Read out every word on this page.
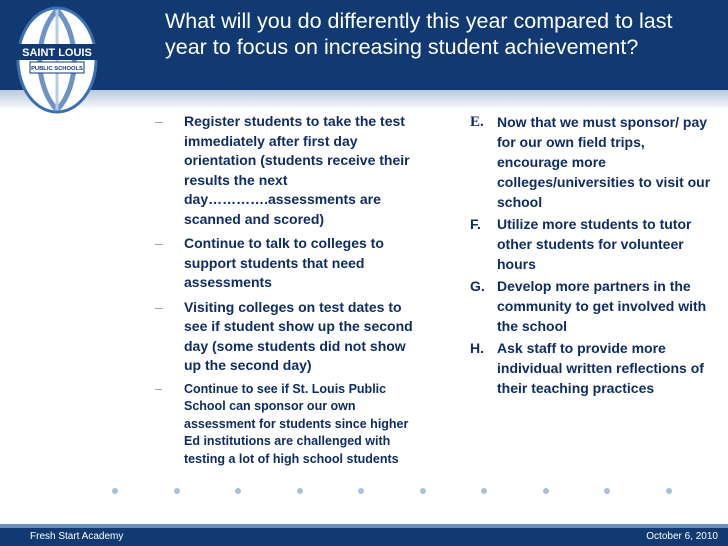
SAINT LOUIS
PUBLIC SCHOOLS
What will you do differently this year compared to last year to focus on increasing student achievement?
–	Register students to take the test immediately after first day orientation (students receive their results the next day………….assessments are scanned and scored)
–	Continue to talk to colleges to support students that need assessments
–	Visiting colleges on test dates to see if student show up the second day (some students did not show up the second day)
–	Continue to see if St. Louis Public School can sponsor our own assessment for students since higher Ed institutions are challenged with testing a lot of high school students
E. Now that we must sponsor/ pay for our own field trips, encourage more colleges/universities to visit our school
F. Utilize more students to tutor other students for volunteer hours
G. Develop more partners in the community to get involved with the school
H. Ask staff to provide more individual written reflections of their teaching practices
Fresh Start Academy	October 6, 2010
